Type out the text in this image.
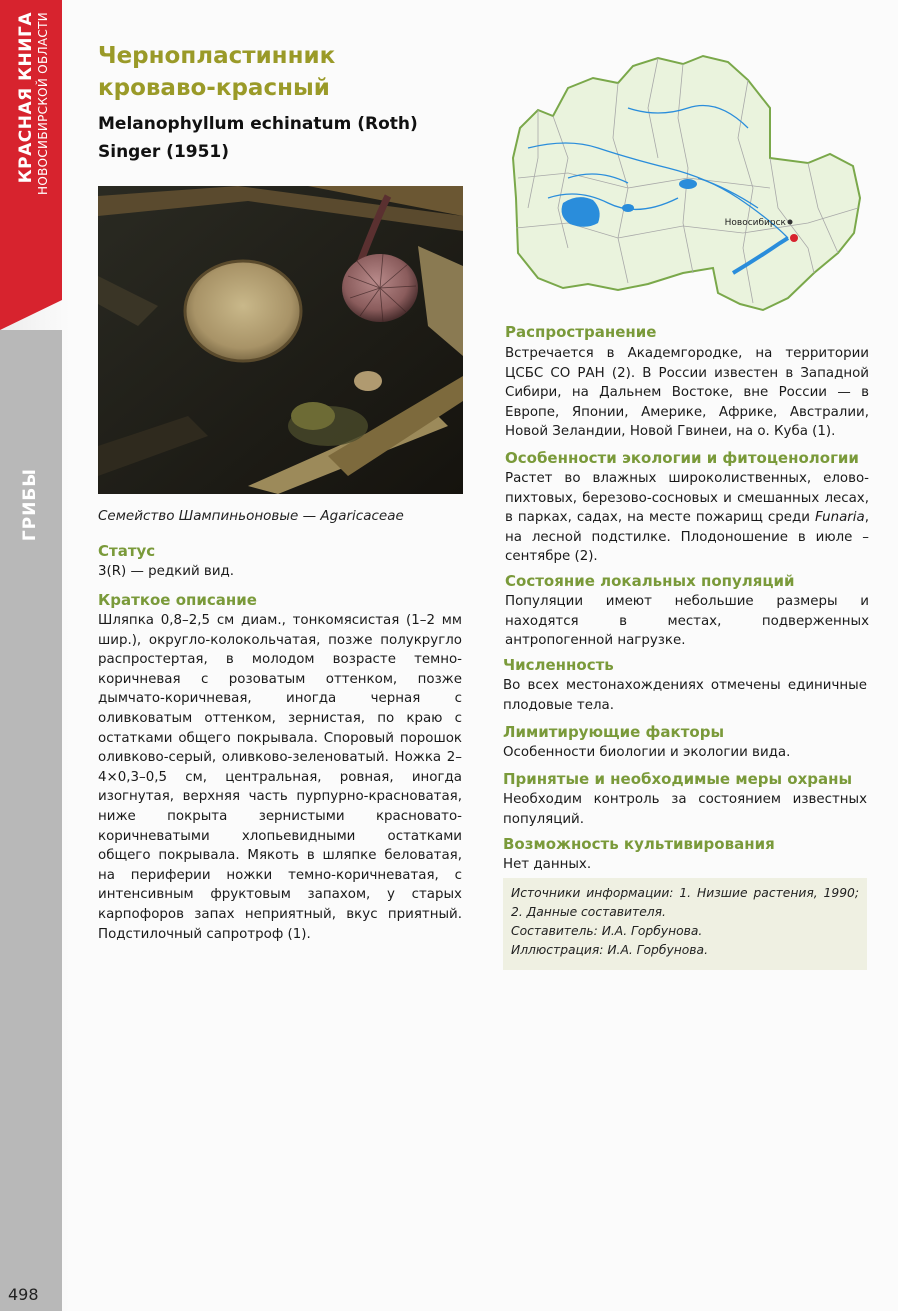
КРАСНАЯ КНИГА НОВОСИБИРСКОЙ ОБЛАСТИ
ГРИБЫ
498
Чернопластинник кроваво-красный
Melanophyllum echinatum (Roth) Singer (1951)
Семейство Шампиньоновые — Agaricaceae
Статус

3(R) — редкий вид.

Краткое описание

Шляпка 0,8–2,5 см диам., тонкомясистая (1–2 мм шир.), округло-колокольчатая, позже полукругло распростертая, в молодом возрасте темно-коричневая с розоватым оттенком, позже дымчато-коричневая, иногда черная с оливковатым оттенком, зернистая, по краю с остатками общего покрывала. Споровый порошок оливково-серый, оливково-зеленоватый. Ножка 2–4×0,3–0,5 см, центральная, ровная, иногда изогнутая, верхняя часть пурпурно-красноватая, ниже покрыта зернистыми красновато-коричневатыми хлопьевидными остатками общего покрывала. Мякоть в шляпке беловатая, на периферии ножки темно-коричневатая, с интенсивным фруктовым запахом, у старых карпофоров запах неприятный, вкус приятный. Подстилочный сапротроф (1).

Новосибирск
Распространение

Встречается в Академгородке, на территории ЦСБС СО РАН (2). В России известен в Западной Сибири, на Дальнем Востоке, вне России — в Европе, Японии, Америке, Африке, Австралии, Новой Зеландии, Новой Гвинеи, на о. Куба (1).

Особенности экологии и фитоценологии

Растет во влажных широколиственных, елово-пихтовых, березово-сосновых и смешанных лесах, в парках, садах, на месте пожарищ среди Funaria, на лесной подстилке. Плодоношение в июле – сентябре (2).

Состояние локальных популяций

Популяции имеют небольшие размеры и находятся в местах, подверженных антропогенной нагрузке.

Численность

Во всех местонахождениях отмечены единичные плодовые тела.

Лимитирующие факторы

Особенности биологии и экологии вида.

Принятые и необходимые меры охраны

Необходим контроль за состоянием известных популяций.

Возможность культивирования

Нет данных.

Источники информации: 1. Низшие растения, 1990; 2. Данные составителя.
Составитель: И.А. Горбунова.
Иллюстрация: И.А. Горбунова.
